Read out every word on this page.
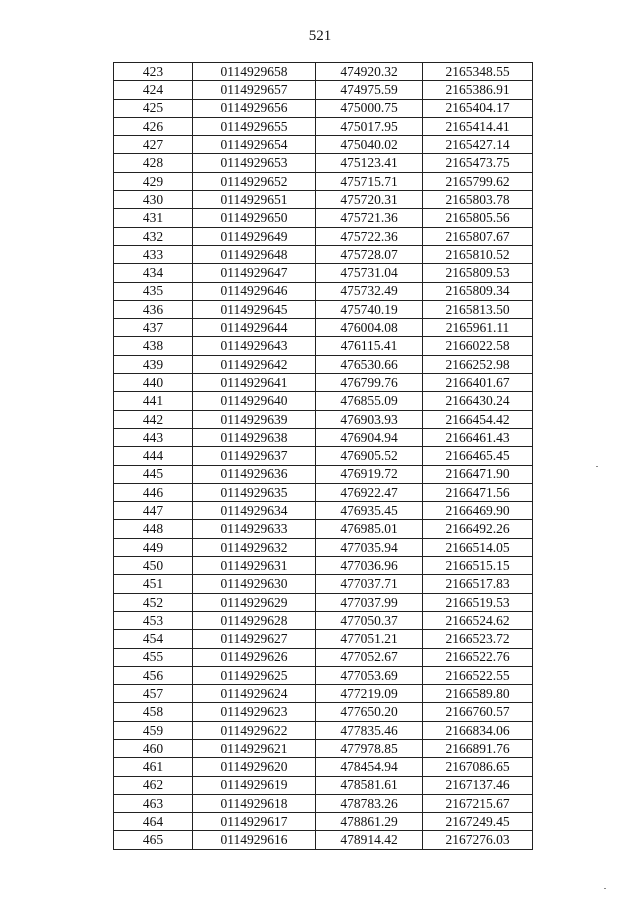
521
423	0114929658	474920.32	2165348.55
424	0114929657	474975.59	2165386.91
425	0114929656	475000.75	2165404.17
426	0114929655	475017.95	2165414.41
427	0114929654	475040.02	2165427.14
428	0114929653	475123.41	2165473.75
429	0114929652	475715.71	2165799.62
430	0114929651	475720.31	2165803.78
431	0114929650	475721.36	2165805.56
432	0114929649	475722.36	2165807.67
433	0114929648	475728.07	2165810.52
434	0114929647	475731.04	2165809.53
435	0114929646	475732.49	2165809.34
436	0114929645	475740.19	2165813.50
437	0114929644	476004.08	2165961.11
438	0114929643	476115.41	2166022.58
439	0114929642	476530.66	2166252.98
440	0114929641	476799.76	2166401.67
441	0114929640	476855.09	2166430.24
442	0114929639	476903.93	2166454.42
443	0114929638	476904.94	2166461.43
444	0114929637	476905.52	2166465.45
445	0114929636	476919.72	2166471.90
446	0114929635	476922.47	2166471.56
447	0114929634	476935.45	2166469.90
448	0114929633	476985.01	2166492.26
449	0114929632	477035.94	2166514.05
450	0114929631	477036.96	2166515.15
451	0114929630	477037.71	2166517.83
452	0114929629	477037.99	2166519.53
453	0114929628	477050.37	2166524.62
454	0114929627	477051.21	2166523.72
455	0114929626	477052.67	2166522.76
456	0114929625	477053.69	2166522.55
457	0114929624	477219.09	2166589.80
458	0114929623	477650.20	2166760.57
459	0114929622	477835.46	2166834.06
460	0114929621	477978.85	2166891.76
461	0114929620	478454.94	2167086.65
462	0114929619	478581.61	2167137.46
463	0114929618	478783.26	2167215.67
464	0114929617	478861.29	2167249.45
465	0114929616	478914.42	2167276.03
